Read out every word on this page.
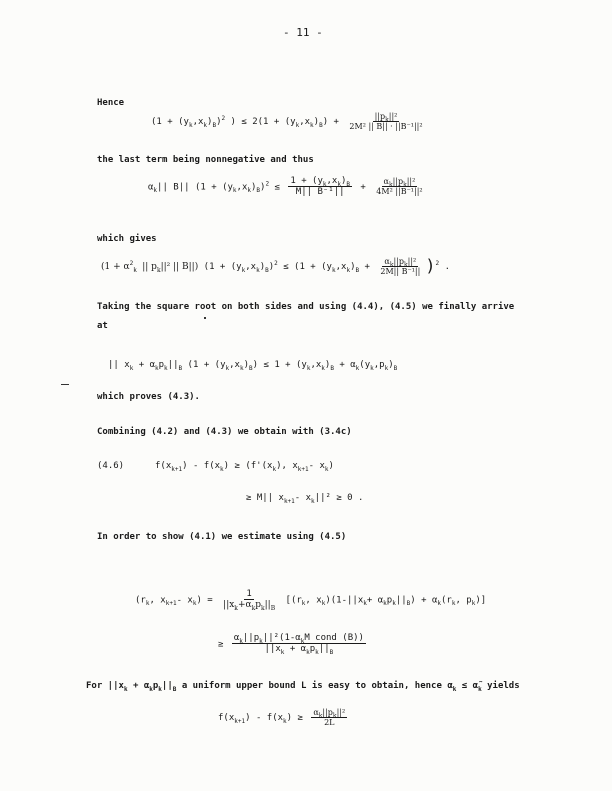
- 11 -
Hence
$(1 + (y_k,x_k)_B)^2$ ) ≤ $2(1 + (y_k,x_k)_B) + \frac{||p_k||^2}{\text{2M² || B|| · ||B⁻¹||²}}$
the last term being nonnegative and thus
$\alpha_k||$ B|| $(1 + (y_k,x_k)_B)^2 \le \frac{1 + (y_k,x_k)_B}{\text{M|| B⁻¹||}} + \frac{\alpha_k||p_k||^2}{\text{4M² ||B⁻¹||²}}$
which gives
($1 + \alpha^2_k$ || $p_k||^2$ || B||) $(1 + (y_k,x_k)_B)^2 \le (1 + (y_k,x_k)_B + \frac{\alpha_k||p_k||^2}{\text{2M|| B⁻¹||}} )^2$ .
Taking the square root on both sides and using (4.4), (4.5) we finally arrive
at
|| $x_k + \alpha_kp_k||_B$ $(1 + (y_k,x_k)_B) \le 1 + (y_k,x_k)_B + \alpha_k(y_k,p_k)_B$
which proves (4.3).
Combining (4.2) and (4.3) we obtain with (3.4c)
(4.6)	$f(x_{k+1}) - f(x_k) \ge (f'(x_k)$, $x_{k+1}-$ $x_k$)
≥ M|| $x_{k+1}-$ $x_k||^2 \ge 0$ .
In order to show (4.1) we estimate using (4.5)
($r_k$, $x_{k+1}-$ $x_k) = \frac{1}{||x_k+\alpha_kp_k||_B} [(r_k$, $x_k)(1-||x_k+ \alpha_kp_k||_B) + \alpha_k(r_k$, $p_k$)]
≥ $\frac{\alpha_k||p_k||^2(1-\alpha_kM cond (B))}{||x_k + \alpha_kp_k||_B}$
For $||x_k + \alpha_kp_k||_B$ a uniform upper bound L is easy to obtain, hence $\alpha_k$ ≤ $\alphã_k$ yields
$f(x_{k+1}) - f(x_k) \ge \frac{\alpha_k||p_k||^2}{2L}$
